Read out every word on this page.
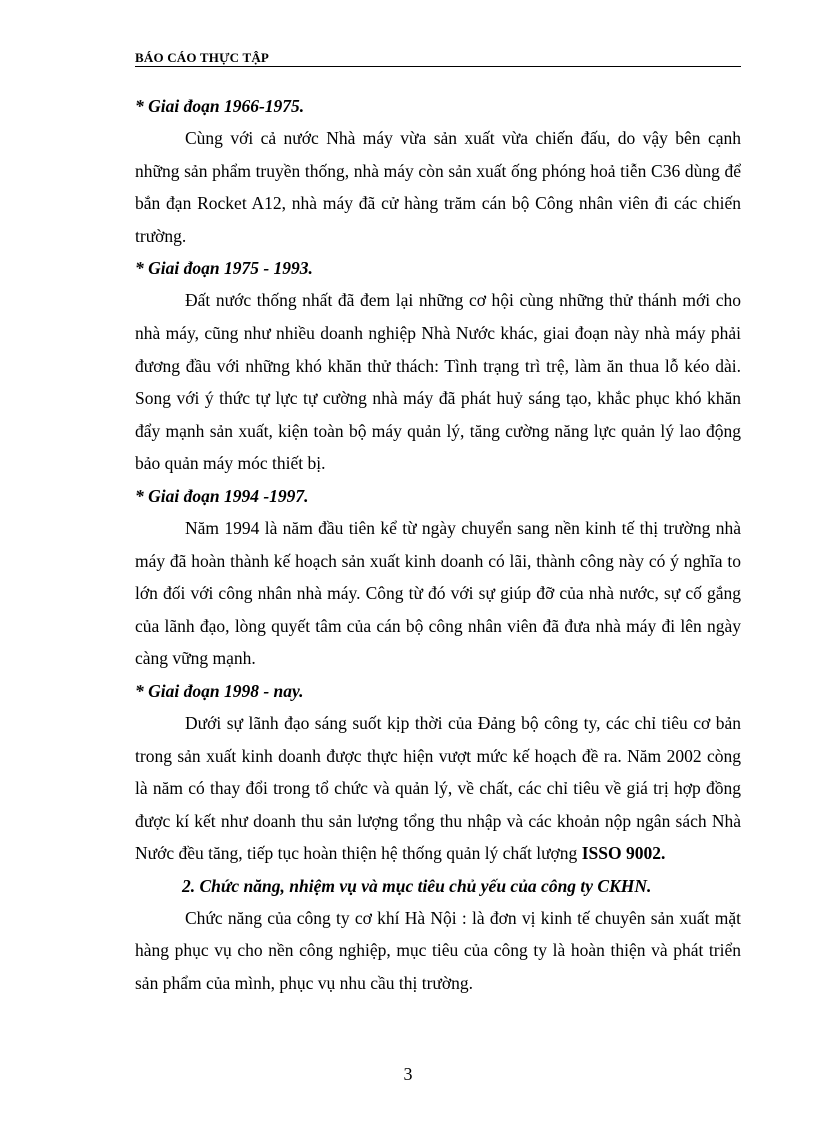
BÁO CÁO THỰC TẬP
* Giai đoạn 1966-1975.

Cùng với cả nước Nhà máy vừa sản xuất vừa chiến đấu, do vậy bên cạnh những sản phẩm truyền thống, nhà máy còn sản xuất ống phóng hoả tiễn C36 dùng để bắn đạn Rocket A12, nhà máy đã cử hàng trăm cán bộ Công nhân viên đi các chiến trường.

* Giai đoạn 1975 - 1993.

Đất nước thống nhất đã đem lại những cơ hội cùng những thử thánh mới cho nhà máy, cũng như nhiều doanh nghiệp Nhà Nước khác, giai đoạn này nhà máy phải đương đầu với những khó khăn thử thách: Tình trạng trì trệ, làm ăn thua lỗ kéo dài. Song với ý thức tự lực tự cường nhà máy đã phát huỷ sáng tạo, khắc phục khó khăn đẩy mạnh sản xuất, kiện toàn bộ máy quản lý, tăng cường năng lực quản lý lao động bảo quản máy móc thiết bị.

* Giai đoạn 1994 -1997.

Năm 1994 là năm đầu tiên kể từ ngày chuyển sang nền kinh tế thị trường nhà máy đã hoàn thành kế hoạch sản xuất kinh doanh có lãi, thành công này có ý nghĩa to lớn đối với công nhân nhà máy. Công từ đó với sự giúp đỡ của nhà nước, sự cố gắng của lãnh đạo, lòng quyết tâm của cán bộ công nhân viên đã đưa nhà máy đi lên ngày càng vững mạnh.

* Giai đoạn 1998 - nay.

Dưới sự lãnh đạo sáng suốt kịp thời của Đảng bộ công ty, các chỉ tiêu cơ bản trong sản xuất kinh doanh được thực hiện vượt mức kế hoạch đề ra. Năm 2002 còng là năm có thay đổi trong tổ chức và quản lý, về chất, các chỉ tiêu về giá trị hợp đồng được kí kết như doanh thu sản lượng tổng thu nhập và các khoản nộp ngân sách Nhà Nước đều tăng, tiếp tục hoàn thiện hệ thống quản lý chất lượng ISSO 9002.

2. Chức năng, nhiệm vụ và mục tiêu chủ yếu của công ty CKHN.

Chức năng của công ty cơ khí Hà Nội : là đơn vị kinh tế chuyên sản xuất mặt hàng phục vụ cho nền công nghiệp, mục tiêu của công ty là hoàn thiện và phát triển sản phẩm của mình, phục vụ nhu cầu thị trường.

3
